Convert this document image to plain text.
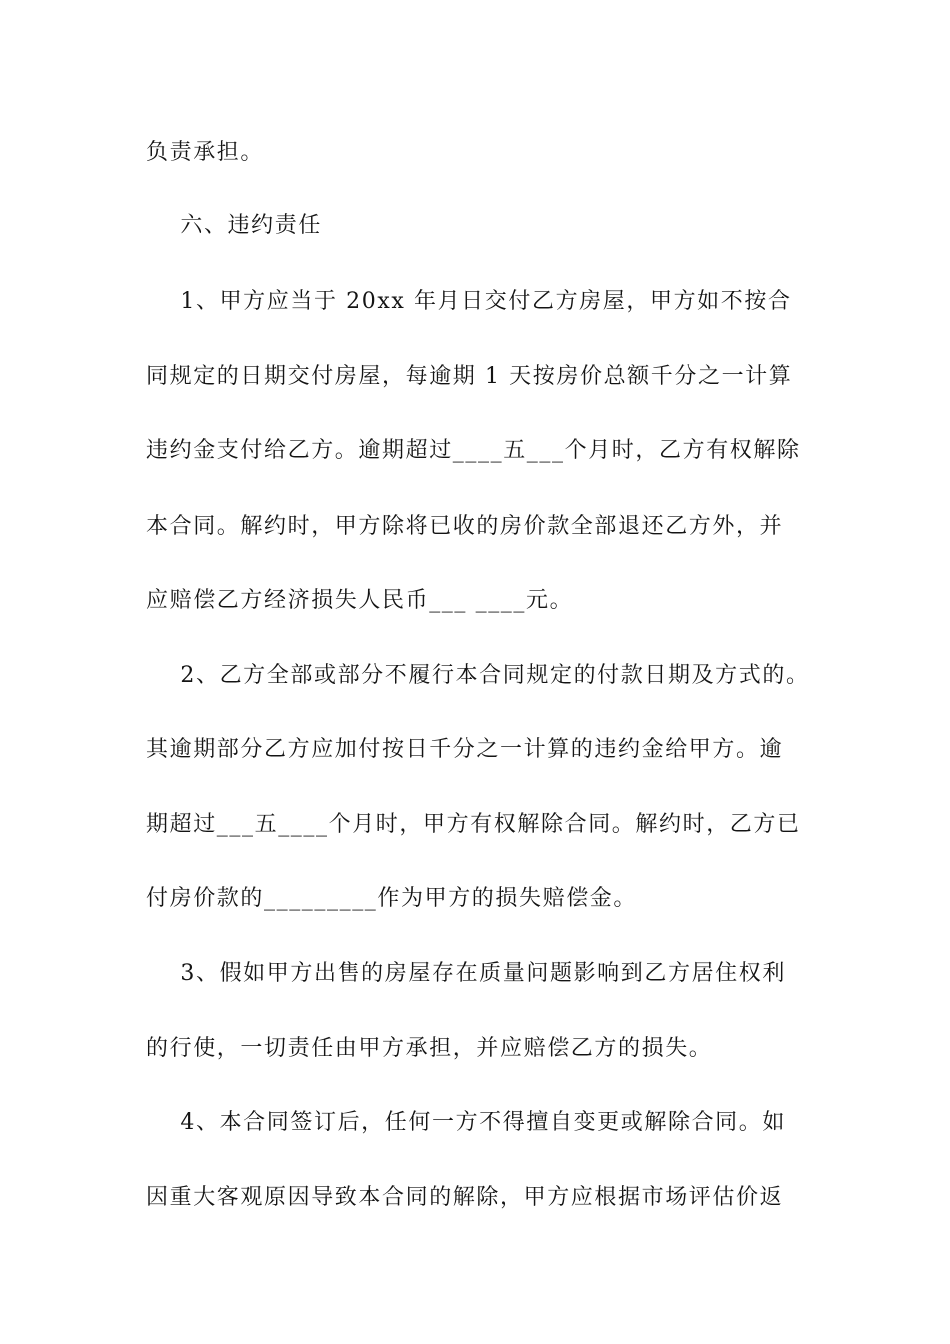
负责承担。
六、违约责任
1、甲方应当于 20xx 年月日交付乙方房屋，甲方如不按合
同规定的日期交付房屋，每逾期 1 天按房价总额千分之一计算
违约金支付给乙方。逾期超过____五___个月时，乙方有权解除
本合同。解约时，甲方除将已收的房价款全部退还乙方外，并
应赔偿乙方经济损失人民币___ ____元。
2、乙方全部或部分不履行本合同规定的付款日期及方式的。
其逾期部分乙方应加付按日千分之一计算的违约金给甲方。逾
期超过___五____个月时，甲方有权解除合同。解约时，乙方已
付房价款的_________作为甲方的损失赔偿金。
3、假如甲方出售的房屋存在质量问题影响到乙方居住权利
的行使，一切责任由甲方承担，并应赔偿乙方的损失。
4、本合同签订后，任何一方不得擅自变更或解除合同。如
因重大客观原因导致本合同的解除，甲方应根据市场评估价返
